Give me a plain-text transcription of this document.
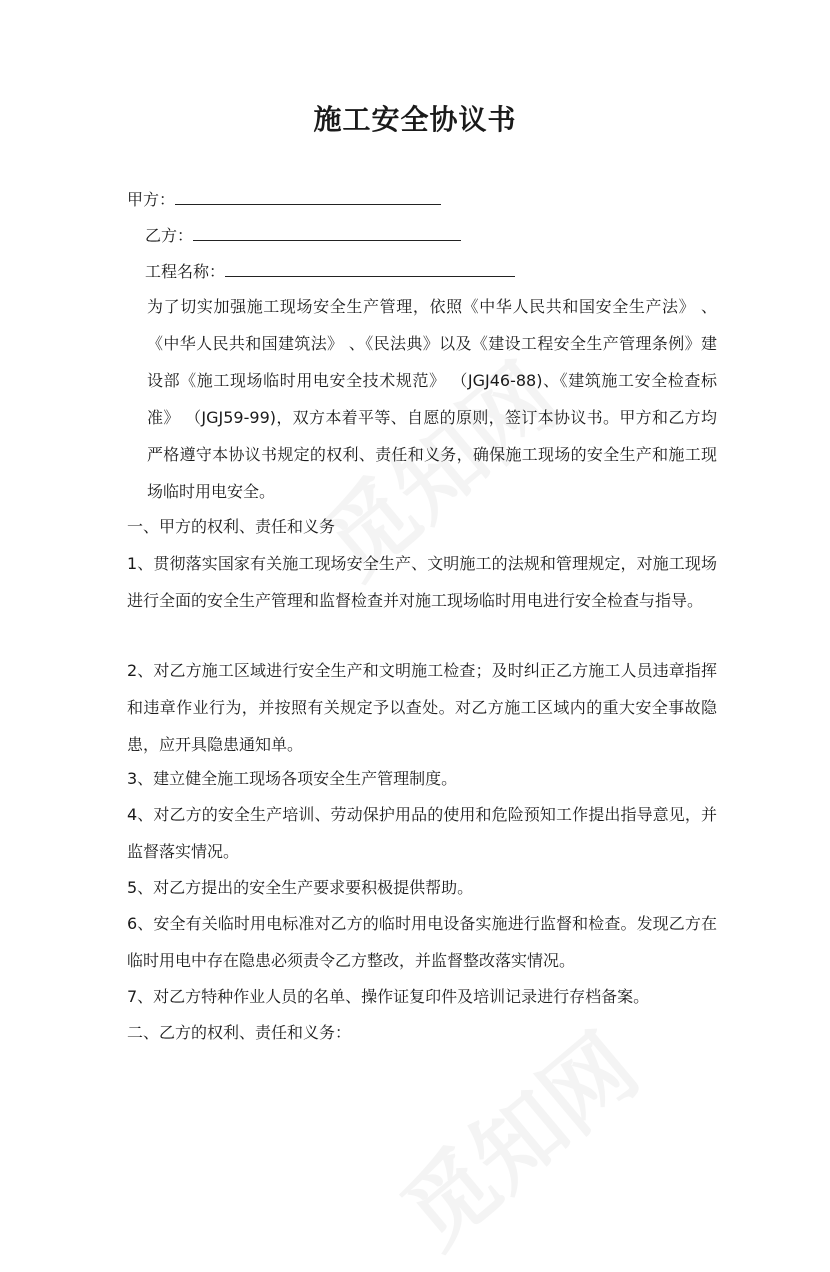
施工安全协议书
甲方：
乙方：
工程名称：
为了切实加强施工现场安全生产管理，依照《中华人民共和国安全生产法》 、《中华人民共和国建筑法》 、《民法典》以及《建设工程安全生产管理条例》建设部《施工现场临时用电安全技术规范》 （JGJ46-88)、《建筑施工安全检查标准》 （JGJ59-99)，双方本着平等、自愿的原则，签订本协议书。甲方和乙方均严格遵守本协议书规定的权利、责任和义务，确保施工现场的安全生产和施工现场临时用电安全。
一、甲方的权利、责任和义务
1、贯彻落实国家有关施工现场安全生产、文明施工的法规和管理规定，对施工现场进行全面的安全生产管理和监督检查并对施工现场临时用电进行安全检查与指导。
2、对乙方施工区域进行安全生产和文明施工检查；及时纠正乙方施工人员违章指挥和违章作业行为，并按照有关规定予以查处。对乙方施工区域内的重大安全事故隐患，应开具隐患通知单。
3、建立健全施工现场各项安全生产管理制度。
4、对乙方的安全生产培训、劳动保护用品的使用和危险预知工作提出指导意见，并监督落实情况。
5、对乙方提出的安全生产要求要积极提供帮助。
6、安全有关临时用电标准对乙方的临时用电设备实施进行监督和检查。发现乙方在临时用电中存在隐患必须责令乙方整改，并监督整改落实情况。
7、对乙方特种作业人员的名单、操作证复印件及培训记录进行存档备案。
二、乙方的权利、责任和义务：
